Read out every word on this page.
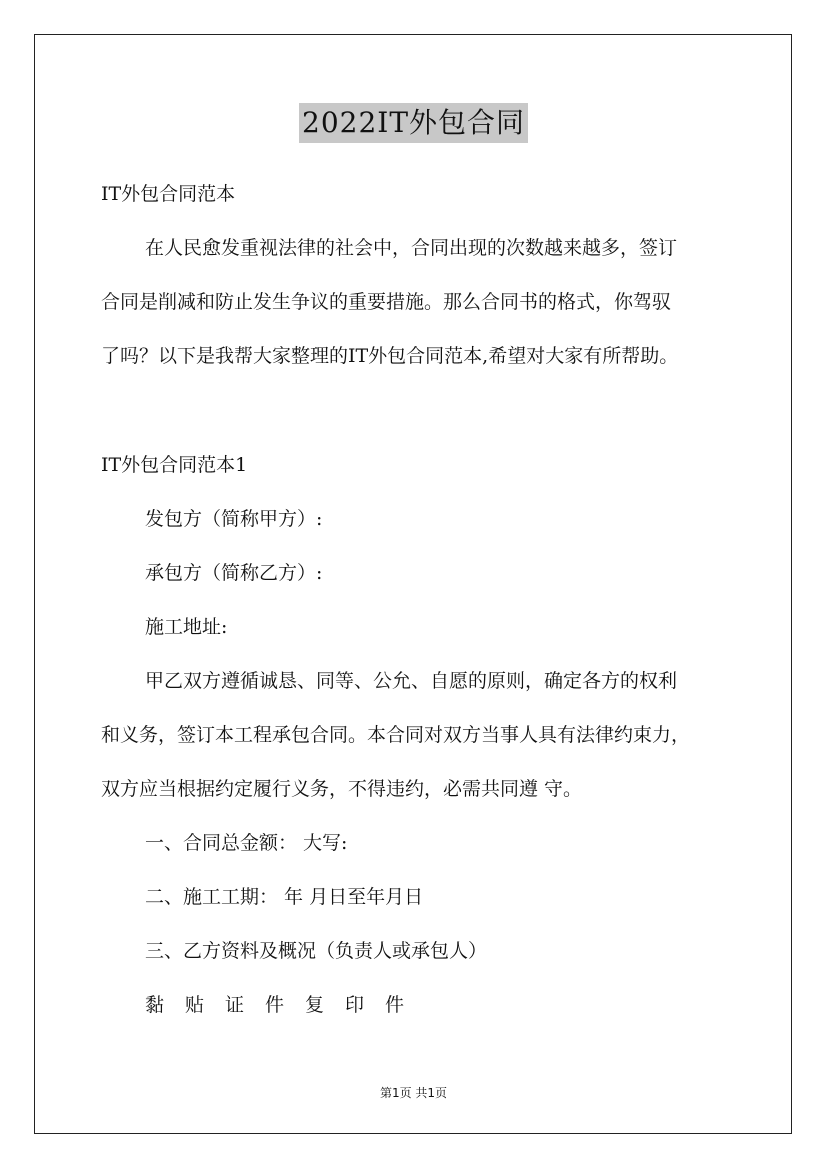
2022IT外包合同
IT外包合同范本
在人民愈发重视法律的社会中，合同出现的次数越来越多，签订
合同是削减和防止发生争议的重要措施。那么合同书的格式，你驾驭
了吗？以下是我帮大家整理的IT外包合同范本,希望对大家有所帮助。
IT外包合同范本1
发包方（简称甲方）:
承包方（简称乙方）:
施工地址:
甲乙双方遵循诚恳、同等、公允、自愿的原则，确定各方的权利
和义务，签订本工程承包合同。本合同对双方当事人具有法律约束力，
双方应当根据约定履行义务，不得违约，必需共同遵 守。
一、合同总金额： 大写:
二、施工工期： 年 月日至年月日
三、乙方资料及概况（负责人或承包人）
黏贴证件复印件
第1页 共1页
